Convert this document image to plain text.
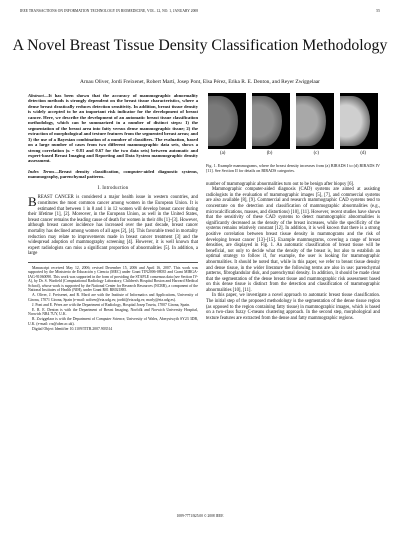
IEEE TRANSACTIONS ON INFORMATION TECHNOLOGY IN BIOMEDICINE, VOL. 12, NO. 1, JANUARY 2008	55
A Novel Breast Tissue Density Classification Methodology
Arnau Oliver, Jordi Freixenet, Robert Martí, Josep Pont, Elsa Pérez, Erika R. E. Denton, and Reyer Zwiggelaar
Abstract—It has been shown that the accuracy of mammographic abnormality detection methods is strongly dependent on the breast tissue characteristics, where a dense breast drastically reduces detection sensitivity. In addition, breast tissue density is widely accepted to be an important risk indicator for the development of breast cancer. Here, we describe the development of an automatic breast tissue classification methodology, which can be summarized in a number of distinct steps: 1) the segmentation of the breast area into fatty versus dense mammographic tissue; 2) the extraction of morphological and texture features from the segmented breast areas; and 3) the use of a Bayesian combination of a number of classifiers. The evaluation, based on a large number of cases from two different mammographic data sets, shows a strong correlation (κ = 0.81 and 0.67 for the two data sets) between automatic and expert-based Breast Imaging and Reporting and Data System mammographic density assessment.
Index Terms—Breast density classification, computer-aided diagnostic systems, mammography, parenchymal patterns.
I. Introduction

BREAST CANCER is considered a major health issue in western countries, and constitutes the most common cancer among women in the European Union. It is estimated that between 1 in 8 and 1 in 12 women will develop breast cancer during their lifetime [1], [2]. Moreover, in the European Union, as well in the United States, breast cancer remains the leading cause of death for women in their 40s [1]–[3]. However, although breast cancer incidence has increased over the past decade, breast cancer mortality has declined among women of all ages [2], [4]. This favorable trend in mortality reduction may relate to improvements made in breast cancer treatment [3] and the widespread adoption of mammography screening [4]. However, it is well known that expert radiologists can miss a significant proportion of abnormalities [5]. In addition, a large

Manuscript received May 12, 2006; revised December 15, 2006 and April 16, 2007. This work was supported by the Ministerio de Educación y Ciencia (MEC) under Grant TIN2006-08035 and Grant MIRGA-IAG-91060090. This work was supported in the form of providing the STAPLE consensus data (see Section IV-A), by Dr. S. Warfield (Computational Radiology Laboratory, Children's Hospital Boston and Harvard Medical School), whose work is supported by the National Center for Research Resources (NCRR), a component of the National Institutes of Health (NIH), under Grant R01 RR021885.

A. Oliver, J. Freixenet, and R. Martí are with the Institute of Informatics and Applications, University of Girona, 17071 Girona, Spain (e-mail: aoliver@eia.udg.es; jordif@eia.udg.es; marly@eia.udg.es).

J. Pont and E. Pérez are with the Department of Radiology, Hospital Josep Trueta, 17007 Girona, Spain.

E. R. E. Denton is with the Department of Breast Imaging, Norfolk and Norwich University Hospital, Norwich NR4 7UY, U.K.

R. Zwiggelaar is with the Department of Computer Science, University of Wales, Aberystwyth SY23 3DB, U.K. (e-mail: rrz@aber.ac.uk).

Digital Object Identifier 10.1109/TITB.2007.903514

(a)	(b)	(c)	(d)
Fig. 1. Example mammograms, where the breast density increases from (a) BIRADS I to (d) BIRADS IV [11]. See Section II for details on BIRADS categories.

number of mammographic abnormalities turn out to be benign after biopsy [6].

Mammographic computer-aided diagnosis (CAD) systems are aimed at assisting radiologists in the evaluation of mammographic images [5], [7], and commercial systems are also available [8], [9]. Commercial and research mammographic CAD systems tend to concentrate on the detection and classification of mammographic abnormalities (e.g., microcalcifications, masses, and distortions) [10], [11]. However, recent studies have shown that the sensitivity of these CAD systems to detect mammographic abnormalities is significantly decreased as the density of the breast increases, while the specificity of the systems remains relatively constant [12]. In addition, it is well known that there is a strong positive correlation between breast tissue density in mammograms and the risk of developing breast cancer [13]–[15]. Example mammograms, covering a range of breast densities, are displayed in Fig. 1. An automatic classification of breast tissue will be beneficial, not only to decide what the density of the breast is, but also to establish an optimal strategy to follow if, for example, the user is looking for mammographic abnormalities. It should be noted that, while in this paper, we refer to breast tissue density and dense tissue, in the wider literature the following terms are also in use: parenchymal patterns, fibroglandular disk, and parenchymal density. In addition, it should be made clear that the segmentation of the dense breast tissue and mammographic risk assessment based on this dense tissue is distinct from the detection and classification of mammographic abnormalities [10], [11].

In this paper, we investigate a novel approach to automatic breast tissue classification. The initial step of the proposed methodology is the segmentation of the dense tissue region (as opposed to the region containing fatty tissue) in mammographic images, which is based on a two-class fuzzy C-means clustering approach. In the second step, morphological and texture features are extracted from the dense and fatty mammographic regions.

1089-7771/$25.00 © 2008 IEEE
